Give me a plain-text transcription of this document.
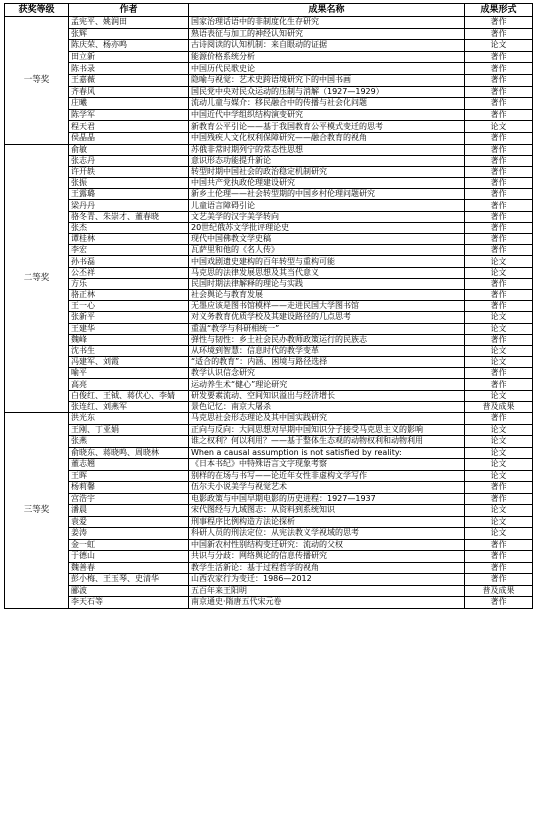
获奖等级	作者	成果名称	成果形式
一等奖	孟宪平、姚润田	国家治理话语中的非制度化生存研究	著作
	张辉	熟语表征与加工的神经认知研究	著作
	陈庆荣、杨亦鸣	古诗阅读的认知机制：来自眼动的证据	论文
	田立新	能源价格系统分析	著作
	陈书录	中国历代民歌史论	著作
	王嘉薇	隐喻与视觉：艺术史跨语境研究下的中国书画	著作
	齐春风	国民党中央对民众运动的压制与消解（1927—1929）	著作
	庄曦	流动儿童与媒介：移民融合中的传播与社会化问题	著作
	陈学军	中国近代中学组织结构演变研究	著作
	程天君	新教育公平引论——基于我国教育公平模式变迁的思考	论文
	侯晶晶	中国残疾人文化权利保障研究——融合教育的视角	著作
二等奖	俞敏	苏俄非常时期列宁的常态性思想	著作
	张志丹	意识形态功能提升新论	著作
	许开轶	转型时期中国社会的政治稳定机制研究	著作
	张振	中国共产党执政伦理建设研究	著作
	王露璐	新乡土伦理——社会转型期的中国乡村伦理问题研究	著作
	梁丹丹	儿童语言障碍引论	著作
	骆冬青、朱崇才、董春晓	文艺美学的汉字美学转向	著作
	张杰	20世纪俄苏文学批评理论史	著作
	谭桂林	现代中国佛教文学史稿	著作
	李宏	瓦萨里和他的《名人传》	著作
	孙书磊	中国戏剧遗史建构的百年转型与重构可能	论文
	公丕祥	马克思的法律发展思想及其当代意义	论文
	方乐	民国时期法律解释的理论与实践	著作
	骆正林	社会舆论与教育发展	著作
	王一心	无墨应该是图书馆模样——走进民国大学图书馆	著作
	张新平	对义务教育优质学校及其建设路径的几点思考	论文
	王建华	重温“教学与科研相统一”	论文
	魏峰	弹性与韧性：乡土社会民办教师政策运行的民族志	著作
	沈书生	从环境到智慧：信息时代的教学变革	论文
	冯建军、刘霞	“适合的教育”：内涵、困境与路径选择	论文
	喻平	教学认识信念研究	著作
	高亮	运动养生术“健心”理论研究	著作
	白俊红、王钺、蒋伏心、李婧	研发要素流动、空间知识溢出与经济增长	论文
	张连红、刘燕军	景色记忆：南京大屠杀	普及成果
三等奖	洪光东	马克思社会形态理论及其中国实践研究	著作
	王刚、丁亚娟	正向与反向：大同思想对早期中国知识分子接受马克思主义的影响	论文
	张燕	谁之权利？何以利用？——基于整体生态观的动物权利和动物利用	论文
	俞晓东、蒋晓鸣、周晓林	When a causal assumption is not satisfied by reality:	论文
	董志翘	《日本书纪》中特殊语言文字现象考察	论文
	王晖	别样的在场与书写——论近年女性非虚构文学写作	论文
	杨莉馨	伍尔夫小说美学与视觉艺术	著作
	宫浩宇	电影政策与中国早期电影的历史进程：1927—1937	著作
	潘晨	宋代图经与九域图志：从资料到系统知识	论文
	袁爱	刑事程序比例构造方法论探析	论文
	姜涛	科研人员的刑法定位：从宪法教义学视域的思考	论文
	金一虹	中国新农村性别结构变迁研究：流动的父权	著作
	于德山	共识与分歧：网络舆论的信息传播研究	著作
	魏善春	教学生活新论：基于过程哲学的视角	著作
	彭小梅、王玉琴、史清华	山西农家行为变迁：1986—2012	著作
	郦波	五百年来王阳明	普及成果
	李天石等	南京通史·隋唐五代宋元卷	著作
